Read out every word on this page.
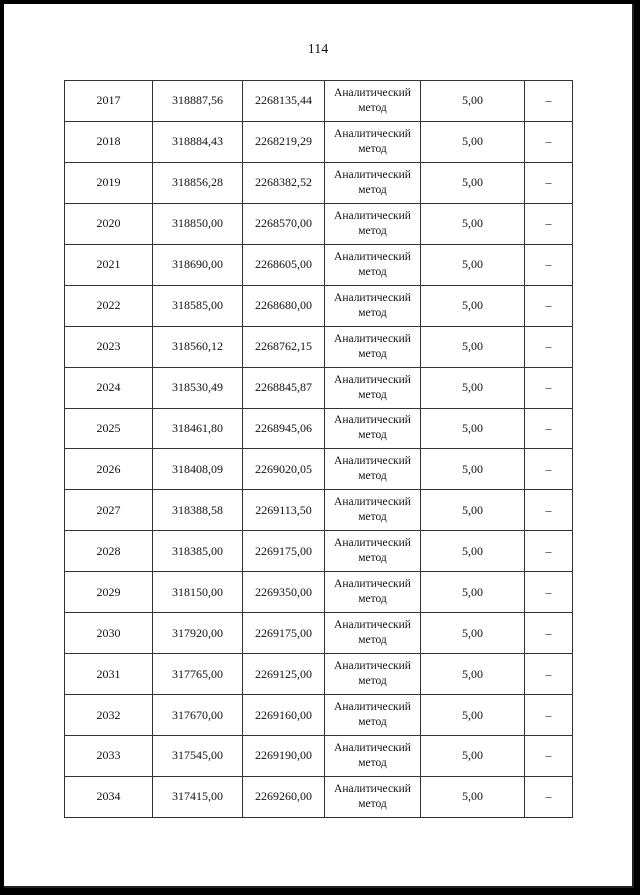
114
2017	318887,56	2268135,44	Аналитический метод	5,00	–
2018	318884,43	2268219,29	Аналитический метод	5,00	–
2019	318856,28	2268382,52	Аналитический метод	5,00	–
2020	318850,00	2268570,00	Аналитический метод	5,00	–
2021	318690,00	2268605,00	Аналитический метод	5,00	–
2022	318585,00	2268680,00	Аналитический метод	5,00	–
2023	318560,12	2268762,15	Аналитический метод	5,00	–
2024	318530,49	2268845,87	Аналитический метод	5,00	–
2025	318461,80	2268945,06	Аналитический метод	5,00	–
2026	318408,09	2269020,05	Аналитический метод	5,00	–
2027	318388,58	2269113,50	Аналитический метод	5,00	–
2028	318385,00	2269175,00	Аналитический метод	5,00	–
2029	318150,00	2269350,00	Аналитический метод	5,00	–
2030	317920,00	2269175,00	Аналитический метод	5,00	–
2031	317765,00	2269125,00	Аналитический метод	5,00	–
2032	317670,00	2269160,00	Аналитический метод	5,00	–
2033	317545,00	2269190,00	Аналитический метод	5,00	–
2034	317415,00	2269260,00	Аналитический метод	5,00	–
